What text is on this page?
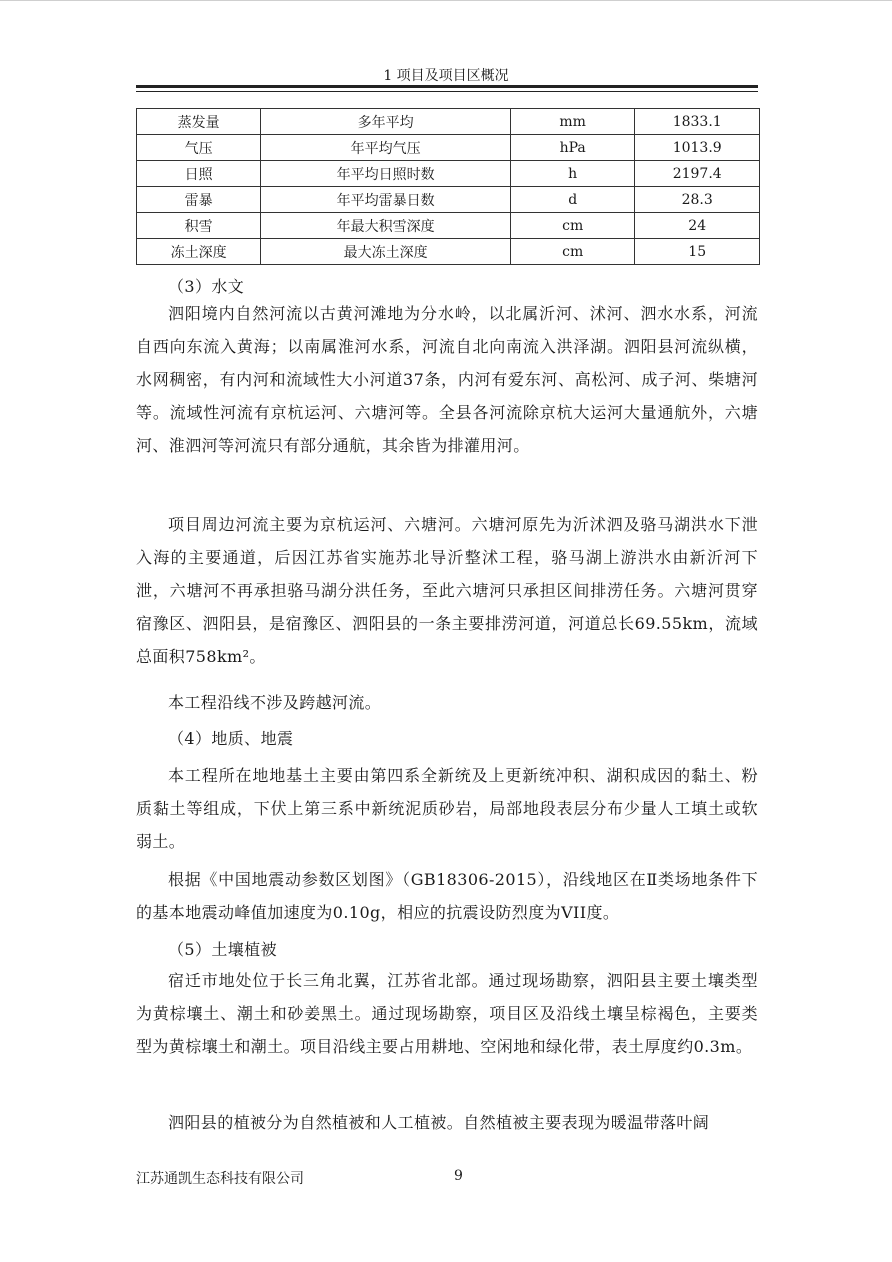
1 项目及项目区概况
蒸发量	多年平均	mm	1833.1
气压	年平均气压	hPa	1013.9
日照	年平均日照时数	h	2197.4
雷暴	年平均雷暴日数	d	28.3
积雪	年最大积雪深度	cm	24
冻土深度	最大冻土深度	cm	15

（3）水文

泗阳境内自然河流以古黄河滩地为分水岭，以北属沂河、沭河、泗水水系，河流自西向东流入黄海；以南属淮河水系，河流自北向南流入洪泽湖。泗阳县河流纵横，水网稠密，有内河和流域性大小河道37条，内河有爱东河、高松河、成子河、柴塘河等。流域性河流有京杭运河、六塘河等。全县各河流除京杭大运河大量通航外，六塘河、淮泗河等河流只有部分通航，其余皆为排灌用河。

项目周边河流主要为京杭运河、六塘河。六塘河原先为沂沭泗及骆马湖洪水下泄入海的主要通道，后因江苏省实施苏北导沂整沭工程，骆马湖上游洪水由新沂河下泄，六塘河不再承担骆马湖分洪任务，至此六塘河只承担区间排涝任务。六塘河贯穿宿豫区、泗阳县，是宿豫区、泗阳县的一条主要排涝河道，河道总长69.55km，流域总面积758km²。

本工程沿线不涉及跨越河流。

（4）地质、地震

本工程所在地地基土主要由第四系全新统及上更新统冲积、湖积成因的黏土、粉质黏土等组成，下伏上第三系中新统泥质砂岩，局部地段表层分布少量人工填土或软弱土。

根据《中国地震动参数区划图》（GB18306-2015），沿线地区在Ⅱ类场地条件下的基本地震动峰值加速度为0.10g，相应的抗震设防烈度为VII度。

（5）土壤植被

宿迁市地处位于长三角北翼，江苏省北部。通过现场勘察，泗阳县主要土壤类型为黄棕壤土、潮土和砂姜黑土。通过现场勘察，项目区及沿线土壤呈棕褐色，主要类型为黄棕壤土和潮土。项目沿线主要占用耕地、空闲地和绿化带，表土厚度约0.3m。

泗阳县的植被分为自然植被和人工植被。自然植被主要表现为暖温带落叶阔

江苏通凯生态科技有限公司	9
